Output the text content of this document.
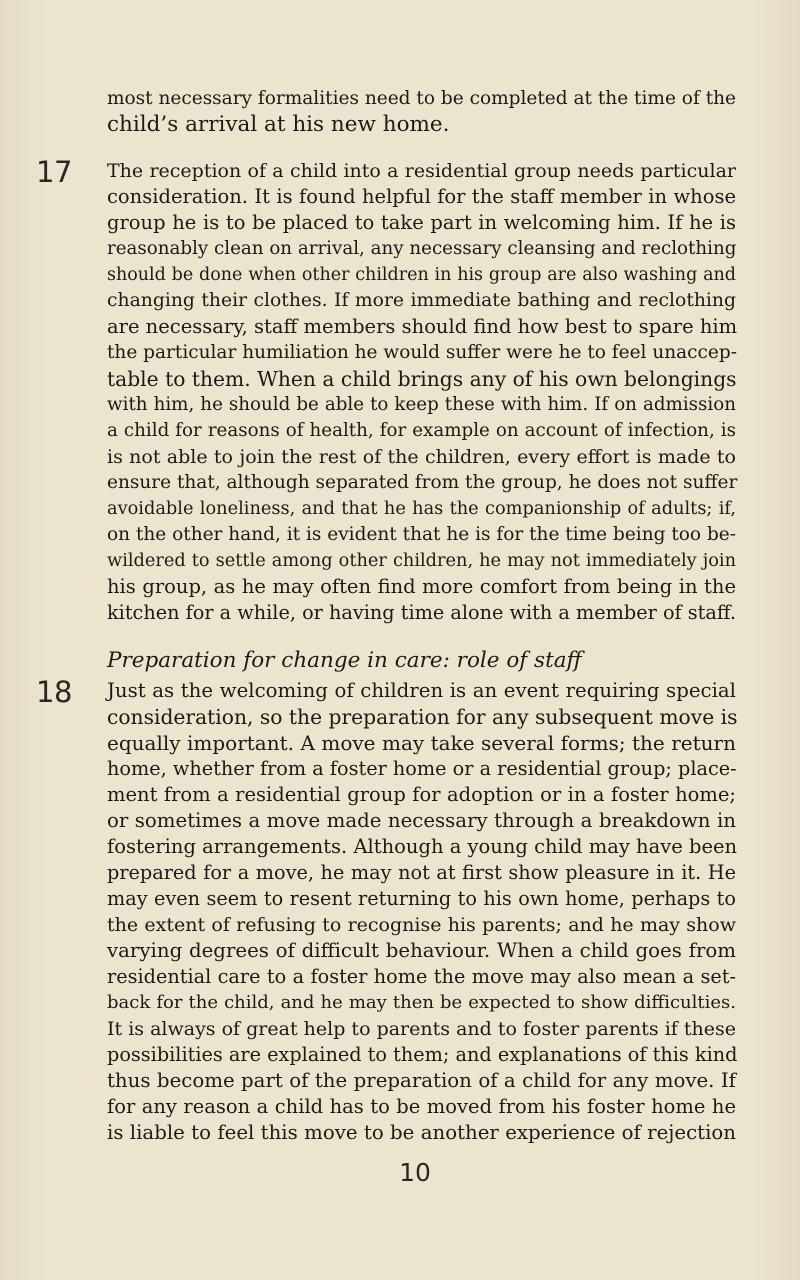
most necessary formalities need to be completed at the time of the
child’s arrival at his new home.
17 The reception of a child into a residential group needs particular
consideration. It is found helpful for the staff member in whose
group he is to be placed to take part in welcoming him. If he is
reasonably clean on arrival, any necessary cleansing and reclothing
should be done when other children in his group are also washing and
changing their clothes. If more immediate bathing and reclothing
are necessary, staff members should find how best to spare him
the particular humiliation he would suffer were he to feel unaccep-
table to them. When a child brings any of his own belongings
with him, he should be able to keep these with him. If on admission
a child for reasons of health, for example on account of infection, is
is not able to join the rest of the children, every effort is made to
ensure that, although separated from the group, he does not suffer
avoidable loneliness, and that he has the companionship of adults; if,
on the other hand, it is evident that he is for the time being too be-
wildered to settle among other children, he may not immediately join
his group, as he may often find more comfort from being in the
kitchen for a while, or having time alone with a member of staff.
Preparation for change in care: role of staff
18 Just as the welcoming of children is an event requiring special
consideration, so the preparation for any subsequent move is
equally important. A move may take several forms; the return
home, whether from a foster home or a residential group; place-
ment from a residential group for adoption or in a foster home;
or sometimes a move made necessary through a breakdown in
fostering arrangements. Although a young child may have been
prepared for a move, he may not at first show pleasure in it. He
may even seem to resent returning to his own home, perhaps to
the extent of refusing to recognise his parents; and he may show
varying degrees of difficult behaviour. When a child goes from
residential care to a foster home the move may also mean a set-
back for the child, and he may then be expected to show difficulties.
It is always of great help to parents and to foster parents if these
possibilities are explained to them; and explanations of this kind
thus become part of the preparation of a child for any move. If
for any reason a child has to be moved from his foster home he
is liable to feel this move to be another experience of rejection
10
